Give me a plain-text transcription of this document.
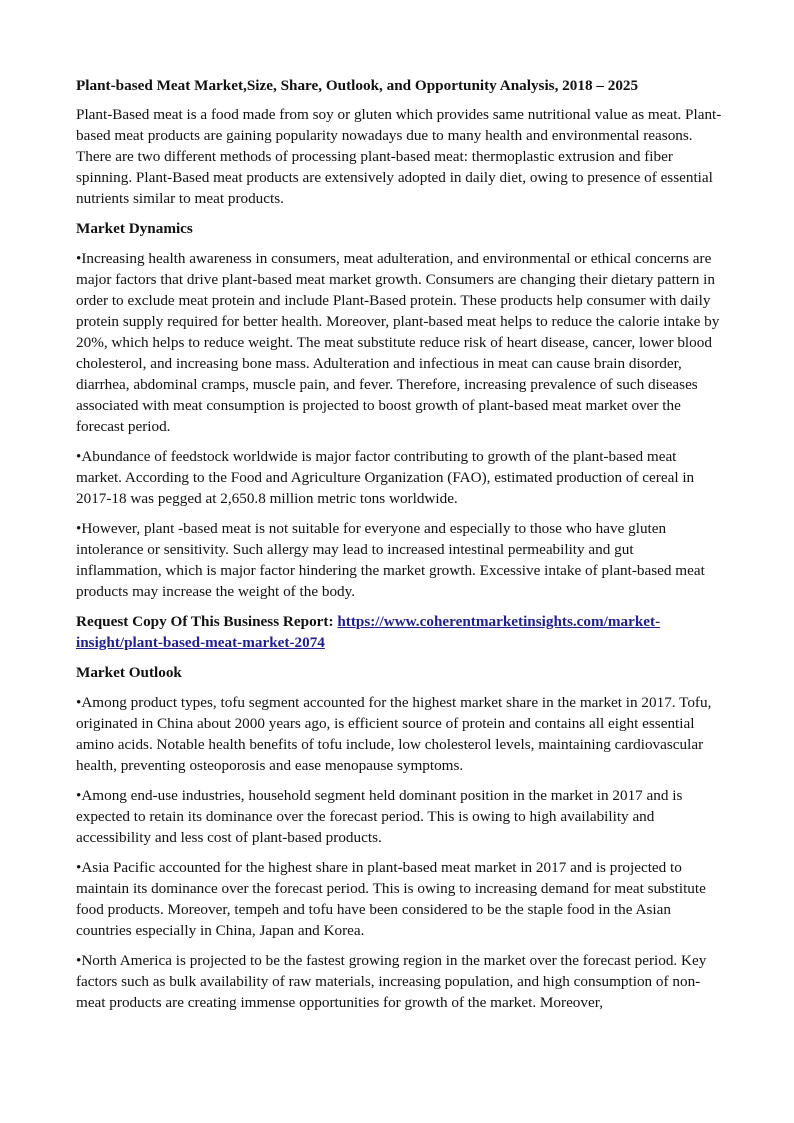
Plant-based Meat Market,Size, Share, Outlook, and Opportunity Analysis, 2018 – 2025

Plant-Based meat is a food made from soy or gluten which provides same nutritional value as meat. Plant-based meat products are gaining popularity nowadays due to many health and environmental reasons. There are two different methods of processing plant-based meat: thermoplastic extrusion and fiber spinning. Plant-Based meat products are extensively adopted in daily diet, owing to presence of essential nutrients similar to meat products.

Market Dynamics

•Increasing health awareness in consumers, meat adulteration, and environmental or ethical concerns are major factors that drive plant-based meat market growth. Consumers are changing their dietary pattern in order to exclude meat protein and include Plant-Based protein. These products help consumer with daily protein supply required for better health. Moreover, plant-based meat helps to reduce the calorie intake by 20%, which helps to reduce weight. The meat substitute reduce risk of heart disease, cancer, lower blood cholesterol, and increasing bone mass. Adulteration and infectious in meat can cause brain disorder, diarrhea, abdominal cramps, muscle pain, and fever. Therefore, increasing prevalence of such diseases associated with meat consumption is projected to boost growth of plant-based meat market over the forecast period.

•Abundance of feedstock worldwide is major factor contributing to growth of the plant-based meat market. According to the Food and Agriculture Organization (FAO), estimated production of cereal in 2017-18 was pegged at 2,650.8 million metric tons worldwide.

•However, plant -based meat is not suitable for everyone and especially to those who have gluten intolerance or sensitivity. Such allergy may lead to increased intestinal permeability and gut inflammation, which is major factor hindering the market growth. Excessive intake of plant-based meat products may increase the weight of the body.

Request Copy Of This Business Report: https://www.coherentmarketinsights.com/market-insight/plant-based-meat-market-2074

Market Outlook

•Among product types, tofu segment accounted for the highest market share in the market in 2017. Tofu, originated in China about 2000 years ago, is efficient source of protein and contains all eight essential amino acids. Notable health benefits of tofu include, low cholesterol levels, maintaining cardiovascular health, preventing osteoporosis and ease menopause symptoms.

•Among end-use industries, household segment held dominant position in the market in 2017 and is expected to retain its dominance over the forecast period. This is owing to high availability and accessibility and less cost of plant-based products.

•Asia Pacific accounted for the highest share in plant-based meat market in 2017 and is projected to maintain its dominance over the forecast period. This is owing to increasing demand for meat substitute food products. Moreover, tempeh and tofu have been considered to be the staple food in the Asian countries especially in China, Japan and Korea.

•North America is projected to be the fastest growing region in the market over the forecast period. Key factors such as bulk availability of raw materials, increasing population, and high consumption of non-meat products are creating immense opportunities for growth of the market. Moreover,
